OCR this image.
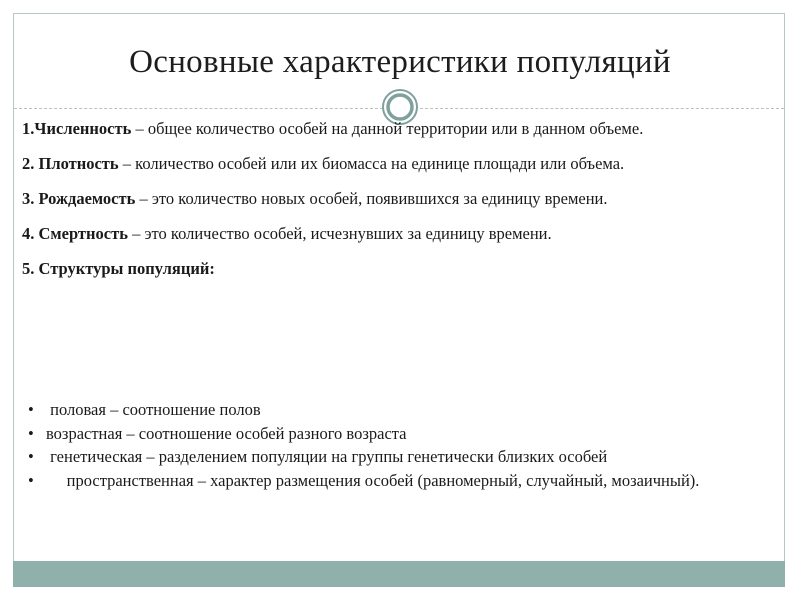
Основные характеристики популяций

1.Численность – общее количество особей на данной территории или в данном объеме.

2. Плотность – количество особей или их биомасса на единице площади или объема.

3. Рождаемость – это количество новых особей, появившихся за единицу времени.

4. Смертность – это количество особей, исчезнувших за единицу времени.

5. Структуры популяций:

• половая – соотношение полов
• возрастная – соотношение особей разного возраста
• генетическая – разделением популяции на группы генетически близких особей
• пространственная – характер размещения особей (равномерный, случайный, мозаичный).
